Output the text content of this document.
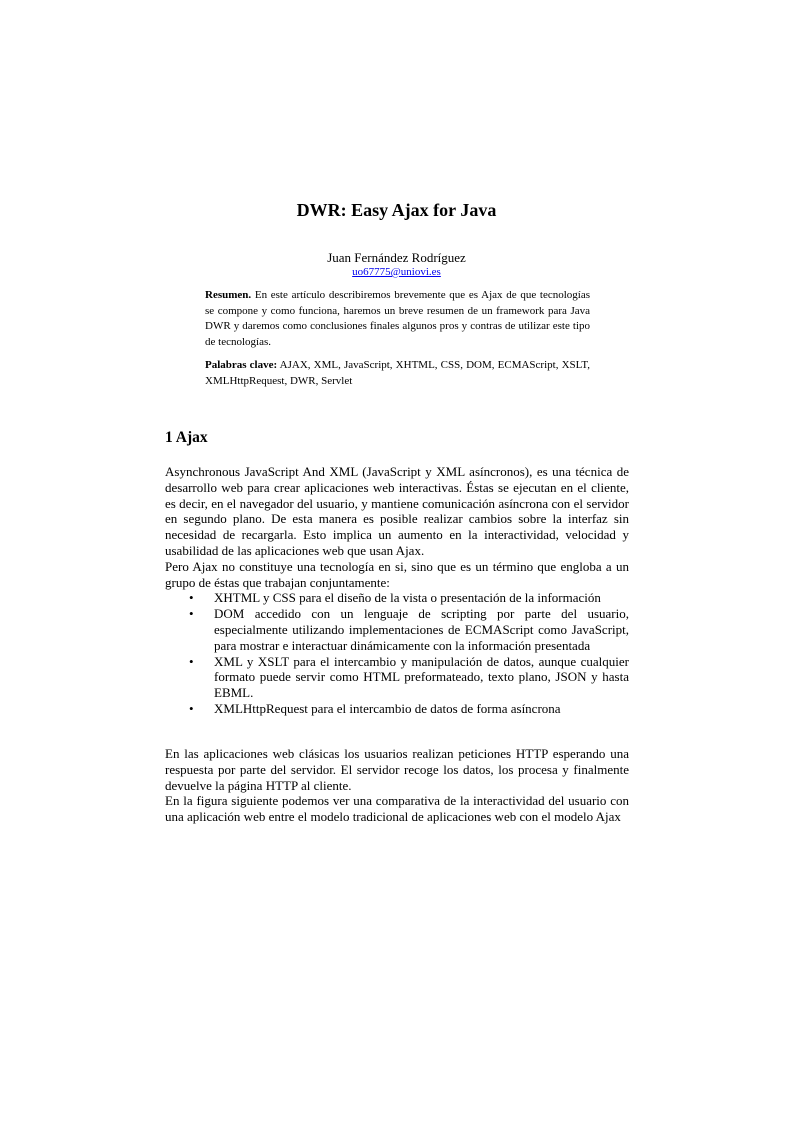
DWR: Easy Ajax for Java
Juan Fernández Rodríguez
uo67775@uniovi.es

Resumen. En este artículo describiremos brevemente que es Ajax de que tecnologías se compone y como funciona, haremos un breve resumen de un framework para Java DWR y daremos como conclusiones finales algunos pros y contras de utilizar este tipo de tecnologías.

Palabras clave: AJAX, XML, JavaScript, XHTML, CSS, DOM, ECMAScript, XSLT, XMLHttpRequest, DWR, Servlet

1 Ajax

Asynchronous JavaScript And XML (JavaScript y XML asíncronos), es una técnica de desarrollo web para crear aplicaciones web interactivas. Éstas se ejecutan en el cliente, es decir, en el navegador del usuario, y mantiene comunicación asíncrona con el servidor en segundo plano. De esta manera es posible realizar cambios sobre la interfaz sin necesidad de recargarla. Esto implica un aumento en la interactividad, velocidad y usabilidad de las aplicaciones web que usan Ajax.

Pero Ajax no constituye una tecnología en si, sino que es un término que engloba a un grupo de éstas que trabajan conjuntamente:

• XHTML y CSS para el diseño de la vista o presentación de la información
• DOM accedido con un lenguaje de scripting por parte del usuario, especialmente utilizando implementaciones de ECMAScript como JavaScript, para mostrar e interactuar dinámicamente con la información presentada
• XML y XSLT para el intercambio y manipulación de datos, aunque cualquier formato puede servir como HTML preformateado, texto plano, JSON y hasta EBML.
• XMLHttpRequest para el intercambio de datos de forma asíncrona

En las aplicaciones web clásicas los usuarios realizan peticiones HTTP esperando una respuesta por parte del servidor. El servidor recoge los datos, los procesa y finalmente devuelve la página HTTP al cliente.

En la figura siguiente podemos ver una comparativa de la interactividad del usuario con una aplicación web entre el modelo tradicional de aplicaciones web con el modelo Ajax
